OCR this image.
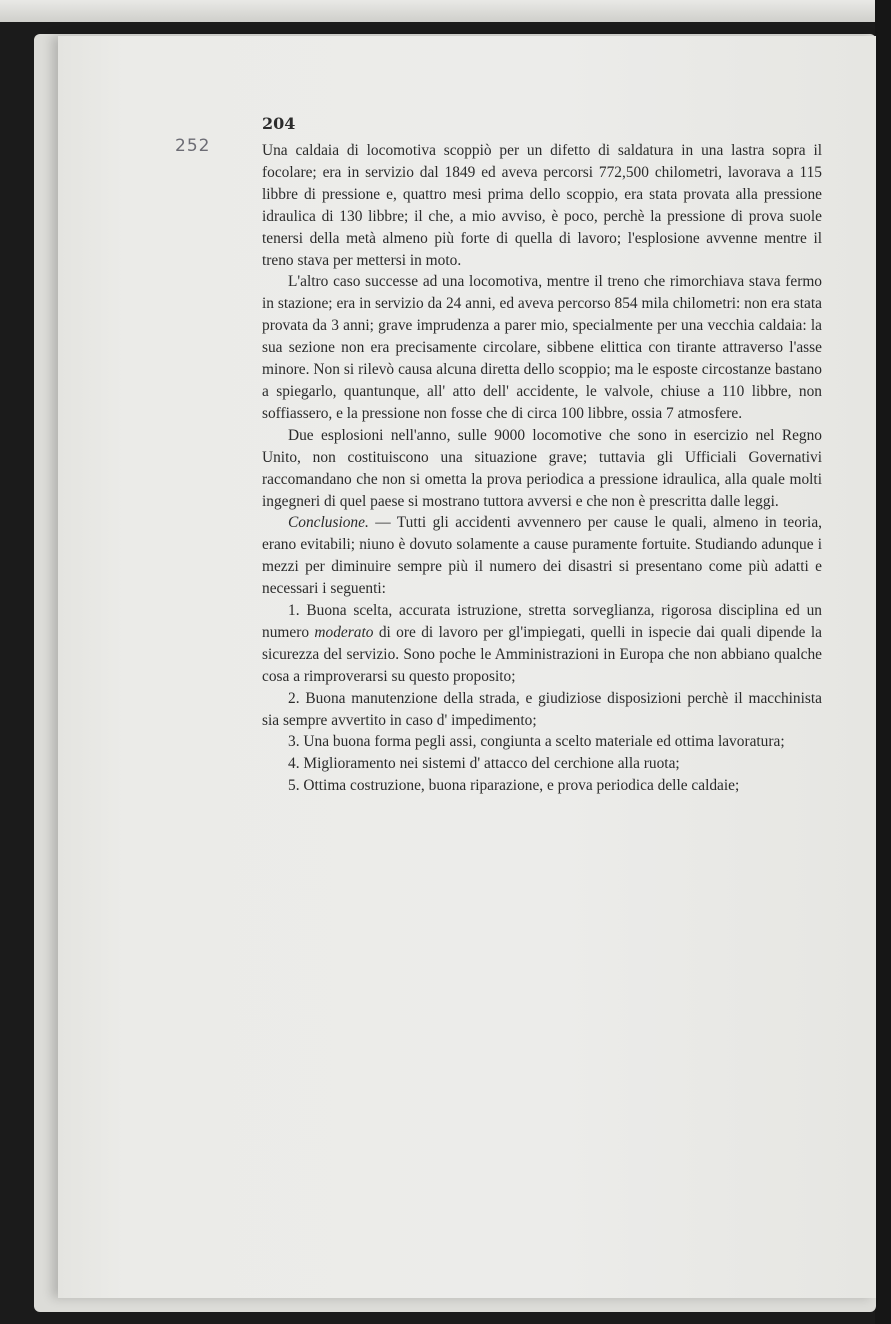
252
204

Una caldaia di locomotiva scoppiò per un difetto di saldatura in una lastra sopra il focolare; era in servizio dal 1849 ed aveva percorsi 772,500 chilometri, lavorava a 115 libbre di pressione e, quattro mesi prima dello scoppio, era stata provata alla pressione idraulica di 130 libbre; il che, a mio avviso, è poco, perchè la pressione di prova suole tenersi della metà almeno più forte di quella di lavoro; l'esplosione avvenne mentre il treno stava per mettersi in moto.

L'altro caso successe ad una locomotiva, mentre il treno che rimorchiava stava fermo in stazione; era in servizio da 24 anni, ed aveva percorso 854 mila chilometri: non era stata provata da 3 anni; grave imprudenza a parer mio, specialmente per una vecchia caldaia: la sua sezione non era precisamente circolare, sibbene elittica con tirante attraverso l'asse minore. Non si rilevò causa alcuna diretta dello scoppio; ma le esposte circostanze bastano a spiegarlo, quantunque, all' atto dell' accidente, le valvole, chiuse a 110 libbre, non soffiassero, e la pressione non fosse che di circa 100 libbre, ossia 7 atmosfere.

Due esplosioni nell'anno, sulle 9000 locomotive che sono in esercizio nel Regno Unito, non costituiscono una situazione grave; tuttavia gli Ufficiali Governativi raccomandano che non si ometta la prova periodica a pressione idraulica, alla quale molti ingegneri di quel paese si mostrano tuttora avversi e che non è prescritta dalle leggi.

Conclusione. — Tutti gli accidenti avvennero per cause le quali, almeno in teoria, erano evitabili; niuno è dovuto solamente a cause puramente fortuite. Studiando adunque i mezzi per diminuire sempre più il numero dei disastri si presentano come più adatti e necessari i seguenti:

1. Buona scelta, accurata istruzione, stretta sorveglianza, rigorosa disciplina ed un numero moderato di ore di lavoro per gl'impiegati, quelli in ispecie dai quali dipende la sicurezza del servizio. Sono poche le Amministrazioni in Europa che non abbiano qualche cosa a rimproverarsi su questo proposito;

2. Buona manutenzione della strada, e giudiziose disposizioni perchè il macchinista sia sempre avvertito in caso d' impedimento;

3. Una buona forma pegli assi, congiunta a scelto materiale ed ottima lavoratura;

4. Miglioramento nei sistemi d' attacco del cerchione alla ruota;

5. Ottima costruzione, buona riparazione, e prova periodica delle caldaie;
